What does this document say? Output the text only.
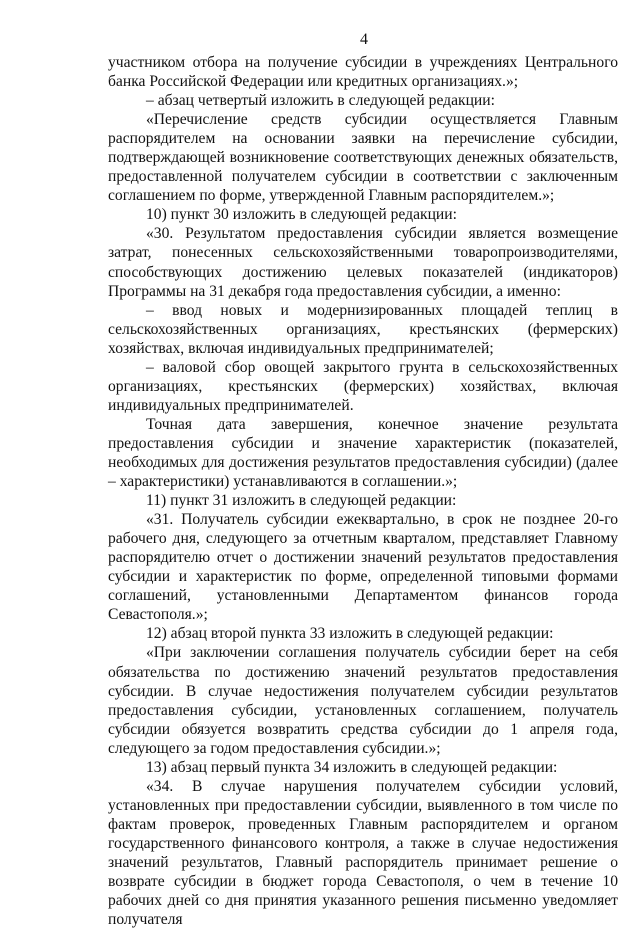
4

участником отбора на получение субсидии в учреждениях Центрального банка Российской Федерации или кредитных организациях.»;

– абзац четвертый изложить в следующей редакции:

«Перечисление средств субсидии осуществляется Главным распорядителем на основании заявки на перечисление субсидии, подтверждающей возникновение соответствующих денежных обязательств, предоставленной получателем субсидии в соответствии с заключенным соглашением по форме, утвержденной Главным распорядителем.»;

10) пункт 30 изложить в следующей редакции:

«30. Результатом предоставления субсидии является возмещение затрат, понесенных сельскохозяйственными товаропроизводителями, способствующих достижению целевых показателей (индикаторов) Программы на 31 декабря года предоставления субсидии, а именно:

– ввод новых и модернизированных площадей теплиц в сельскохозяйственных организациях, крестьянских (фермерских) хозяйствах, включая индивидуальных предпринимателей;

– валовой сбор овощей закрытого грунта в сельскохозяйственных организациях, крестьянских (фермерских) хозяйствах, включая индивидуальных предпринимателей.

Точная дата завершения, конечное значение результата предоставления субсидии и значение характеристик (показателей, необходимых для достижения результатов предоставления субсидии) (далее – характеристики) устанавливаются в соглашении.»;

11) пункт 31 изложить в следующей редакции:

«31. Получатель субсидии ежеквартально, в срок не позднее 20-го рабочего дня, следующего за отчетным кварталом, представляет Главному распорядителю отчет о достижении значений результатов предоставления субсидии и характеристик по форме, определенной типовыми формами соглашений, установленными Департаментом финансов города Севастополя.»;

12) абзац второй пункта 33 изложить в следующей редакции:

«При заключении соглашения получатель субсидии берет на себя обязательства по достижению значений результатов предоставления субсидии. В случае недостижения получателем субсидии результатов предоставления субсидии, установленных соглашением, получатель субсидии обязуется возвратить средства субсидии до 1 апреля года, следующего за годом предоставления субсидии.»;

13) абзац первый пункта 34 изложить в следующей редакции:

«34. В случае нарушения получателем субсидии условий, установленных при предоставлении субсидии, выявленного в том числе по фактам проверок, проведенных Главным распорядителем и органом государственного финансового контроля, а также в случае недостижения значений результатов, Главный распорядитель принимает решение о возврате субсидии в бюджет города Севастополя, о чем в течение 10 рабочих дней со дня принятия указанного решения письменно уведомляет получателя
